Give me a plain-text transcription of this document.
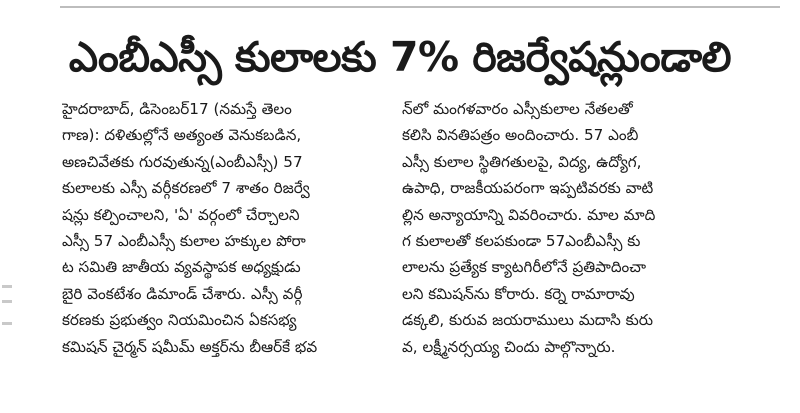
ఎంబీఎస్సీ కులాలకు 7% రిజర్వేషన్లుండాలి

హైదరాబాద్, డిసెంబర్17 (నమస్తే తెలం

గాణ): దళితుల్లోనే అత్యంత వెనుకబడిన,

అణచివేతకు గురవుతున్న(ఎంబీఎస్సీ) 57

కులాలకు ఎస్సీ వర్గీకరణలో 7 శాతం రిజర్వే

షన్లు కల్పించాలని, 'ఏ' వర్గంలో చేర్చాలని

ఎస్సీ 57 ఎంబీఎస్సీ కులాల హక్కుల పోరా

ట సమితి జాతీయ వ్యవస్థాపక అధ్యక్షుడు

బైరి వెంకటేశం డిమాండ్ చేశారు. ఎస్సీ వర్గీ

కరణకు ప్రభుత్వం నియమించిన ఏకసభ్య

కమిషన్ చైర్మన్ షమీమ్ అక్తర్‌ను బీఆర్‌కే భవ

న్‌లో మంగళవారం ఎస్సీకులాల నేతలతో

కలిసి వినతిపత్రం అందించారు. 57 ఎంబీ

ఎస్సీ కులాల స్థితిగతులపై, విద్య, ఉద్యోగ,

ఉపాధి, రాజకీయపరంగా ఇప్పటివరకు వాటి

ల్లిన అన్యాయాన్ని వివరించారు. మాల మాది

గ కులాలతో కలపకుండా 57ఎంబీఎస్సీ కు

లాలను ప్రత్యేక క్యాటగిరీలోనే ప్రతిపాదించా

లని కమిషన్‌ను కోరారు. కర్నె రామారావు

డక్కలి, కురువ జయరాములు మదాసి కురు

వ, లక్ష్మీనర్సయ్య చిందు పాల్గొన్నారు.
